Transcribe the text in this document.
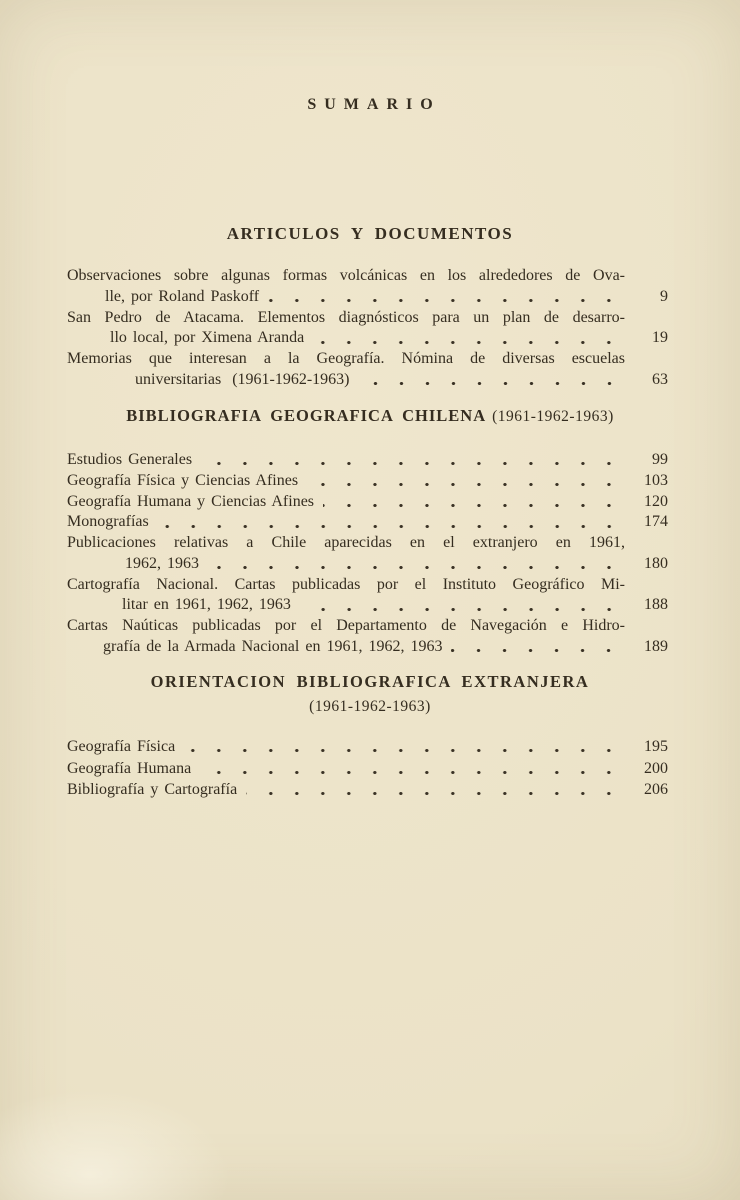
SUMARIO
ARTICULOS Y DOCUMENTOS
Observaciones sobre algunas formas volcánicas en los alrededores de Ova-
lle, por Roland Paskoff	9
San Pedro de Atacama. Elementos diagnósticos para un plan de desarro-
llo local, por Ximena Aranda	19
Memorias que interesan a la Geografía. Nómina de diversas escuelas
universitarias (1961-1962-1963)	63
BIBLIOGRAFIA GEOGRAFICA CHILENA (1961-1962-1963)
Estudios Generales	99
Geografía Física y Ciencias Afines	103
Geografía Humana y Ciencias Afines	120
Monografías	174
Publicaciones relativas a Chile aparecidas en el extranjero en 1961,
1962, 1963	180
Cartografía Nacional. Cartas publicadas por el Instituto Geográfico Mi-
litar en 1961, 1962, 1963	188
Cartas Naúticas publicadas por el Departamento de Navegación e Hidro-
grafía de la Armada Nacional en 1961, 1962, 1963	189
ORIENTACION BIBLIOGRAFICA EXTRANJERA
(1961-1962-1963)
Geografía Física	195
Geografía Humana	200
Bibliografía y Cartografía	206
